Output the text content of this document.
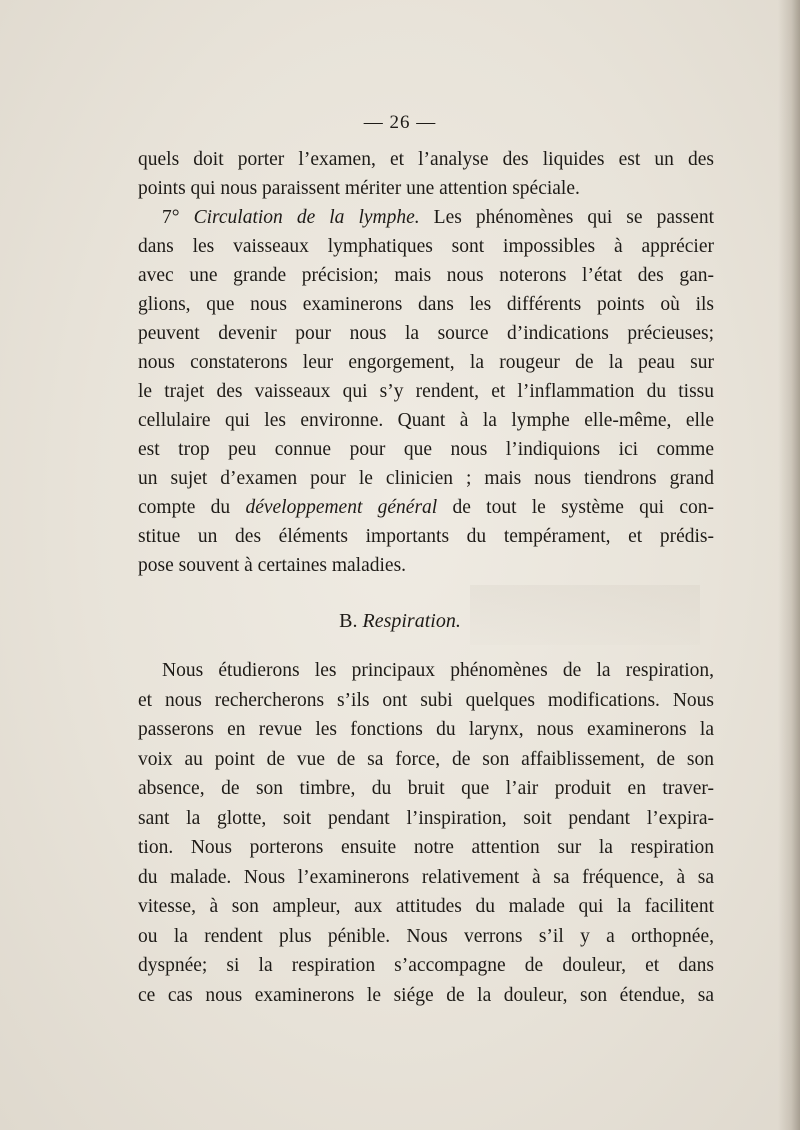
— 26 —
quels doit porter l’examen, et l’analyse des liquides est un des
points qui nous paraissent mériter une attention spéciale.
7° Circulation de la lymphe. Les phénomènes qui se passent
dans les vaisseaux lymphatiques sont impossibles à apprécier
avec une grande précision; mais nous noterons l’état des gan-
glions, que nous examinerons dans les différents points où ils
peuvent devenir pour nous la source d’indications précieuses;
nous constaterons leur engorgement, la rougeur de la peau sur
le trajet des vaisseaux qui s’y rendent, et l’inflammation du tissu
cellulaire qui les environne. Quant à la lymphe elle-même, elle
est trop peu connue pour que nous l’indiquions ici comme
un sujet d’examen pour le clinicien ; mais nous tiendrons grand
compte du développement général de tout le système qui con-
stitue un des éléments importants du tempérament, et prédis-
pose souvent à certaines maladies.
B. Respiration.
Nous étudierons les principaux phénomènes de la respiration,
et nous rechercherons s’ils ont subi quelques modifications. Nous
passerons en revue les fonctions du larynx, nous examinerons la
voix au point de vue de sa force, de son affaiblissement, de son
absence, de son timbre, du bruit que l’air produit en traver-
sant la glotte, soit pendant l’inspiration, soit pendant l’expira-
tion. Nous porterons ensuite notre attention sur la respiration
du malade. Nous l’examinerons relativement à sa fréquence, à sa
vitesse, à son ampleur, aux attitudes du malade qui la facilitent
ou la rendent plus pénible. Nous verrons s’il y a orthopnée,
dyspnée; si la respiration s’accompagne de douleur, et dans
ce cas nous examinerons le siége de la douleur, son étendue, sa
